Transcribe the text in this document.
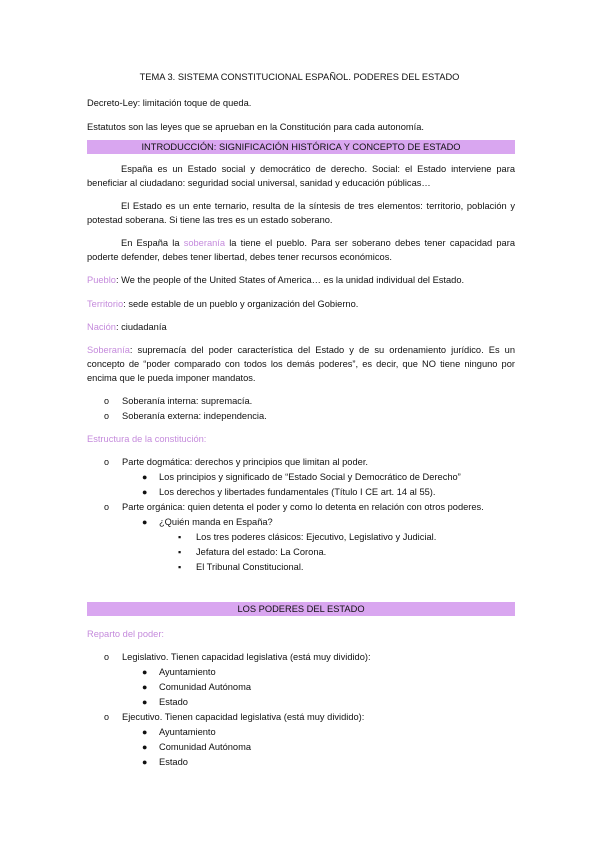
TEMA 3. SISTEMA CONSTITUCIONAL ESPAÑOL. PODERES DEL ESTADO
Decreto-Ley: limitación toque de queda.
Estatutos son las leyes que se aprueban en la Constitución para cada autonomía.
INTRODUCCIÓN: SIGNIFICACIÓN HISTÓRICA Y CONCEPTO DE ESTADO
España es un Estado social y democrático de derecho. Social: el Estado interviene para beneficiar al ciudadano: seguridad social universal, sanidad y educación públicas…
El Estado es un ente ternario, resulta de la síntesis de tres elementos: territorio, población y potestad soberana. Si tiene las tres es un estado soberano.
En España la soberanía la tiene el pueblo. Para ser soberano debes tener capacidad para poderte defender, debes tener libertad, debes tener recursos económicos.
Pueblo: We the people of the United States of America… es la unidad individual del Estado.
Territorio: sede estable de un pueblo y organización del Gobierno.
Nación: ciudadanía
Soberanía: supremacía del poder característica del Estado y de su ordenamiento jurídico. Es un concepto de “poder comparado con todos los demás poderes”, es decir, que NO tiene ninguno por encima que le pueda imponer mandatos.
o Soberanía interna: supremacía.
o Soberanía externa: independencia.
Estructura de la constitución:
o Parte dogmática: derechos y principios que limitan al poder.
● Los principios y significado de “Estado Social y Democrático de Derecho”
● Los derechos y libertades fundamentales (Título I CE art. 14 al 55).
o Parte orgánica: quien detenta el poder y como lo detenta en relación con otros poderes.
● ¿Quién manda en España?
▪ Los tres poderes clásicos: Ejecutivo, Legislativo y Judicial.
▪ Jefatura del estado: La Corona.
▪ El Tribunal Constitucional.
LOS PODERES DEL ESTADO
Reparto del poder:
o Legislativo. Tienen capacidad legislativa (está muy dividido):
● Ayuntamiento
● Comunidad Autónoma
● Estado
o Ejecutivo. Tienen capacidad legislativa (está muy dividido):
● Ayuntamiento
● Comunidad Autónoma
● Estado
